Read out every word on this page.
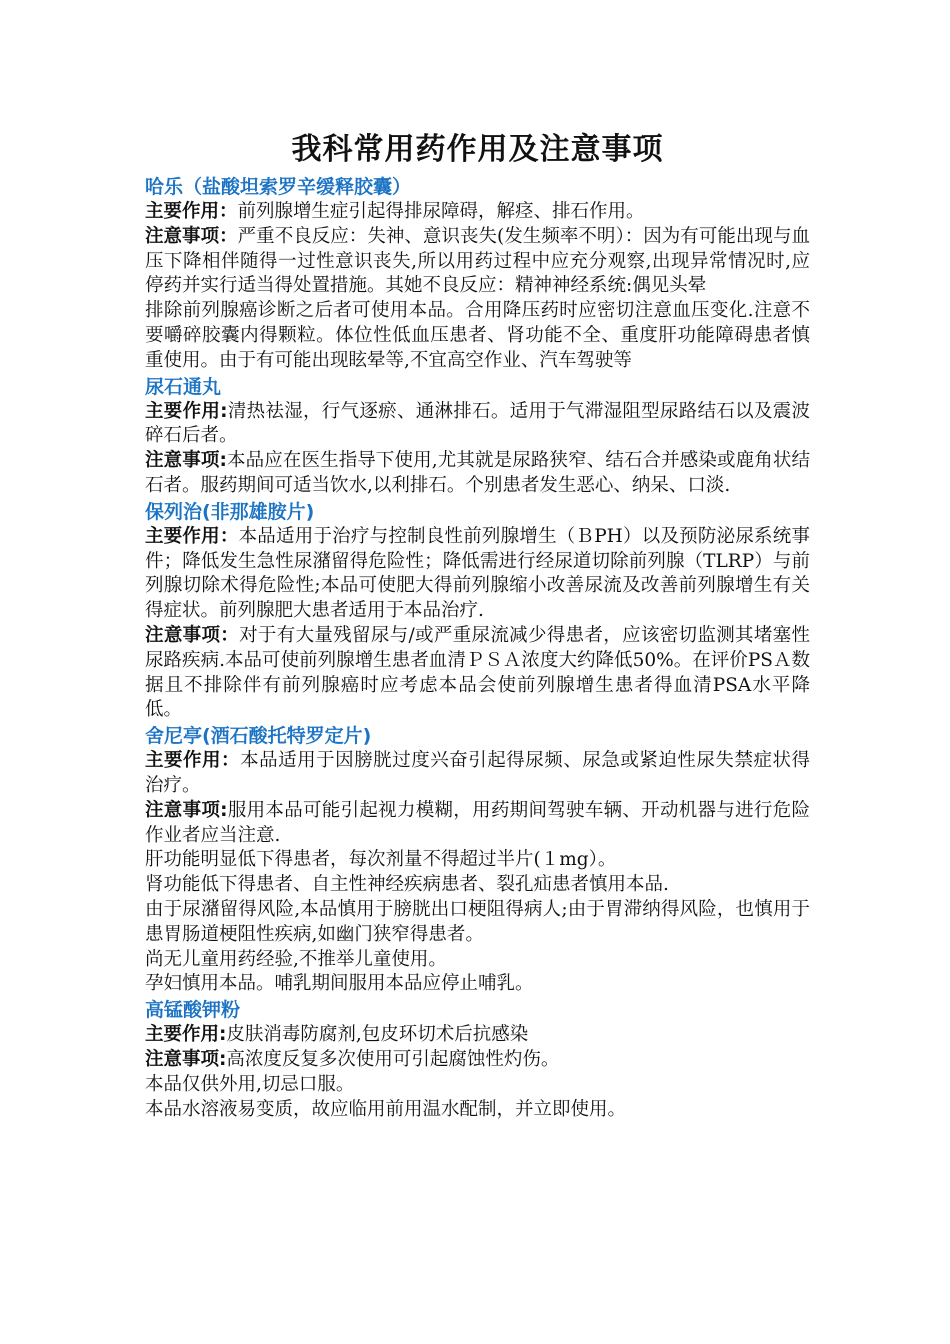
我科常用药作用及注意事项
哈乐（盐酸坦索罗辛缓释胶囊）

主要作用：前列腺增生症引起得排尿障碍，解痉、排石作用。

注意事项：严重不良反应：失神、意识丧失(发生频率不明）：因为有可能出现与血压下降相伴随得一过性意识丧失,所以用药过程中应充分观察,出现异常情况时,应停药并实行适当得处置措施。其她不良反应：精神神经系统:偶见头晕

排除前列腺癌诊断之后者可使用本品。合用降压药时应密切注意血压变化.注意不要嚼碎胶囊内得颗粒。体位性低血压患者、肾功能不全、重度肝功能障碍患者慎重使用。由于有可能出现眩晕等,不宜高空作业、汽车驾驶等

尿石通丸

主要作用:清热祛湿，行气逐瘀、通淋排石。适用于气滞湿阻型尿路结石以及震波碎石后者。

注意事项:本品应在医生指导下使用,尤其就是尿路狭窄、结石合并感染或鹿角状结石者。服药期间可适当饮水,以利排石。个别患者发生恶心、纳呆、口淡.

保列治(非那雄胺片)

主要作用：本品适用于治疗与控制良性前列腺增生（ＢPH）以及预防泌尿系统事件；降低发生急性尿潴留得危险性；降低需进行经尿道切除前列腺（TLRP）与前列腺切除术得危险性;本品可使肥大得前列腺缩小改善尿流及改善前列腺增生有关得症状。前列腺肥大患者适用于本品治疗.

注意事项：对于有大量残留尿与/或严重尿流减少得患者，应该密切监测其堵塞性尿路疾病.本品可使前列腺增生患者血清ＰＳＡ浓度大约降低50%。在评价PSＡ数据且不排除伴有前列腺癌时应考虑本品会使前列腺增生患者得血清PSA水平降低。

舍尼亭(酒石酸托特罗定片)

主要作用：本品适用于因膀胱过度兴奋引起得尿频、尿急或紧迫性尿失禁症状得治疗。

注意事项:服用本品可能引起视力模糊，用药期间驾驶车辆、开动机器与进行危险作业者应当注意.

肝功能明显低下得患者，每次剂量不得超过半片(１mg）。

肾功能低下得患者、自主性神经疾病患者、裂孔疝患者慎用本品.

由于尿潴留得风险,本品慎用于膀胱出口梗阻得病人;由于胃滞纳得风险，也慎用于患胃肠道梗阻性疾病,如幽门狭窄得患者。

尚无儿童用药经验,不推举儿童使用。

孕妇慎用本品。哺乳期间服用本品应停止哺乳。

高锰酸钾粉

主要作用:皮肤消毒防腐剂,包皮环切术后抗感染

注意事项:高浓度反复多次使用可引起腐蚀性灼伤。

本品仅供外用,切忌口服。

本品水溶液易变质，故应临用前用温水配制，并立即使用。
